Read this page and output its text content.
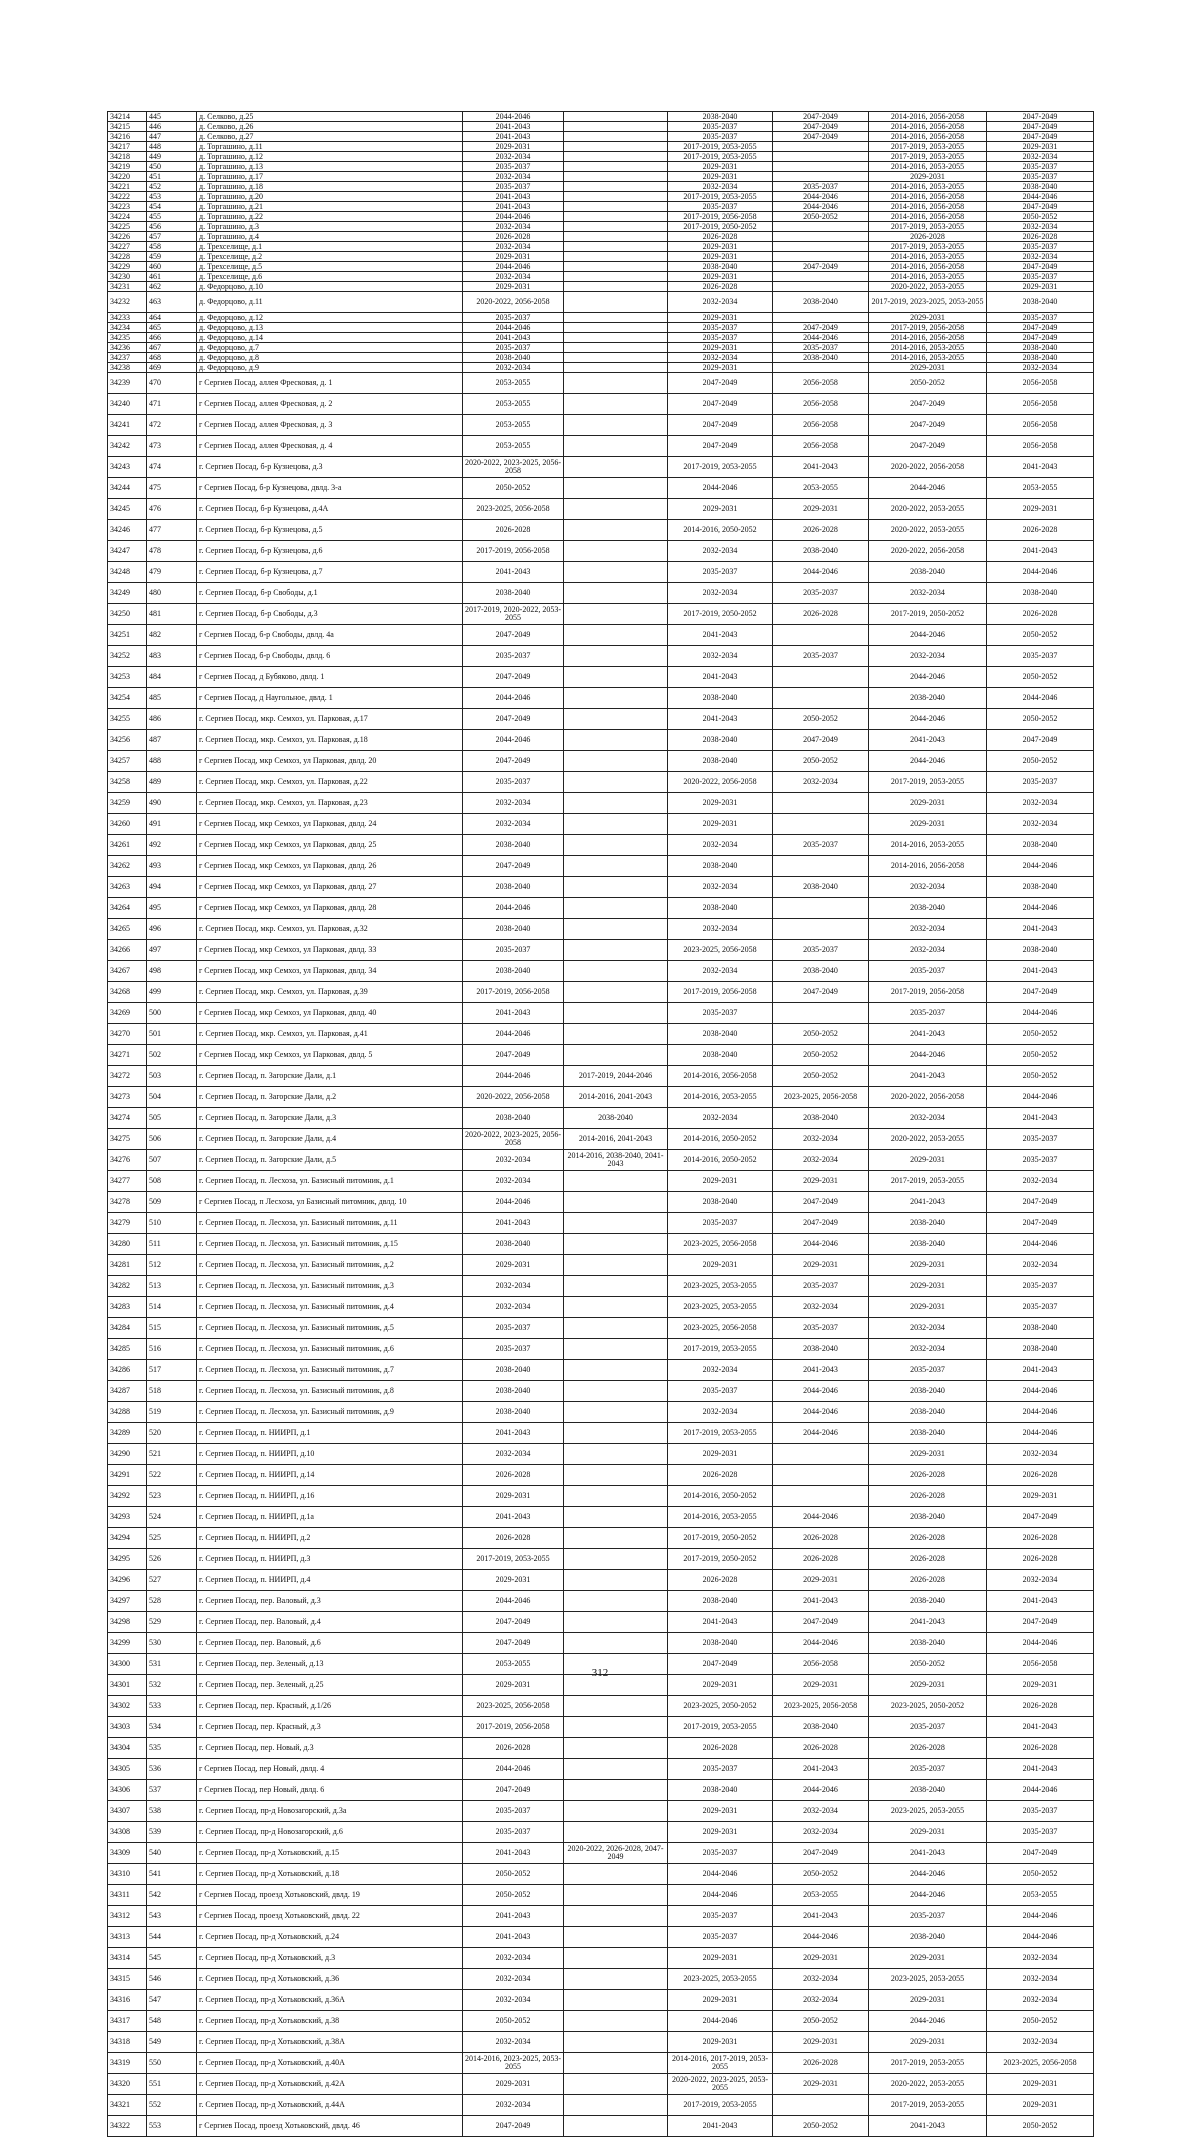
34214	445	д. Селково, д.25	2044-2046		2038-2040	2047-2049	2014-2016, 2056-2058	2047-2049
34215	446	д. Селково, д.26	2041-2043		2035-2037	2047-2049	2014-2016, 2056-2058	2047-2049
34216	447	д. Селково, д.27	2041-2043		2035-2037	2047-2049	2014-2016, 2056-2058	2047-2049
34217	448	д. Торгашино, д.11	2029-2031		2017-2019, 2053-2055		2017-2019, 2053-2055	2029-2031
34218	449	д. Торгашино, д.12	2032-2034		2017-2019, 2053-2055		2017-2019, 2053-2055	2032-2034
34219	450	д. Торгашино, д.13	2035-2037		2029-2031		2014-2016, 2053-2055	2035-2037
34220	451	д. Торгашино, д.17	2032-2034		2029-2031		2029-2031	2035-2037
34221	452	д. Торгашино, д.18	2035-2037		2032-2034	2035-2037	2014-2016, 2053-2055	2038-2040
34222	453	д. Торгашино, д.20	2041-2043		2017-2019, 2053-2055	2044-2046	2014-2016, 2056-2058	2044-2046
34223	454	д. Торгашино, д.21	2041-2043		2035-2037	2044-2046	2014-2016, 2056-2058	2047-2049
34224	455	д. Торгашино, д.22	2044-2046		2017-2019, 2056-2058	2050-2052	2014-2016, 2056-2058	2050-2052
34225	456	д. Торгашино, д.3	2032-2034		2017-2019, 2050-2052		2017-2019, 2053-2055	2032-2034
34226	457	д. Торгашино, д.4	2026-2028		2026-2028		2026-2028	2026-2028
34227	458	д. Трехселище, д.1	2032-2034		2029-2031		2017-2019, 2053-2055	2035-2037
34228	459	д. Трехселище, д.2	2029-2031		2029-2031		2014-2016, 2053-2055	2032-2034
34229	460	д. Трехселище, д.5	2044-2046		2038-2040	2047-2049	2014-2016, 2056-2058	2047-2049
34230	461	д. Трехселище, д.6	2032-2034		2029-2031		2014-2016, 2053-2055	2035-2037
34231	462	д. Федорцово, д.10	2029-2031		2026-2028		2020-2022, 2053-2055	2029-2031
34232	463	д. Федорцово, д.11	2020-2022, 2056-2058		2032-2034	2038-2040	2017-2019, 2023-2025, 2053-2055	2038-2040
34233	464	д. Федорцово, д.12	2035-2037		2029-2031		2029-2031	2035-2037
34234	465	д. Федорцово, д.13	2044-2046		2035-2037	2047-2049	2017-2019, 2056-2058	2047-2049
34235	466	д. Федорцово, д.14	2041-2043		2035-2037	2044-2046	2014-2016, 2056-2058	2047-2049
34236	467	д. Федорцово, д.7	2035-2037		2029-2031	2035-2037	2014-2016, 2053-2055	2038-2040
34237	468	д. Федорцово, д.8	2038-2040		2032-2034	2038-2040	2014-2016, 2053-2055	2038-2040
34238	469	д. Федорцово, д.9	2032-2034		2029-2031		2029-2031	2032-2034
34239	470	г Сергиев Посад, аллея Фресковая, д. 1	2053-2055		2047-2049	2056-2058	2050-2052	2056-2058
34240	471	г Сергиев Посад, аллея Фресковая, д. 2	2053-2055		2047-2049	2056-2058	2047-2049	2056-2058
34241	472	г Сергиев Посад, аллея Фресковая, д. 3	2053-2055		2047-2049	2056-2058	2047-2049	2056-2058
34242	473	г Сергиев Посад, аллея Фресковая, д. 4	2053-2055		2047-2049	2056-2058	2047-2049	2056-2058
34243	474	г. Сергиев Посад, б-р Кузнецова, д.3	2020-2022, 2023-2025, 2056-2058		2017-2019, 2053-2055	2041-2043	2020-2022, 2056-2058	2041-2043
34244	475	г Сергиев Посад, б-р Кузнецова, двлд. 3-а	2050-2052		2044-2046	2053-2055	2044-2046	2053-2055
34245	476	г. Сергиев Посад, б-р Кузнецова, д.4А	2023-2025, 2056-2058		2029-2031	2029-2031	2020-2022, 2053-2055	2029-2031
34246	477	г. Сергиев Посад, б-р Кузнецова, д.5	2026-2028		2014-2016, 2050-2052	2026-2028	2020-2022, 2053-2055	2026-2028
34247	478	г. Сергиев Посад, б-р Кузнецова, д.6	2017-2019, 2056-2058		2032-2034	2038-2040	2020-2022, 2056-2058	2041-2043
34248	479	г. Сергиев Посад, б-р Кузнецова, д.7	2041-2043		2035-2037	2044-2046	2038-2040	2044-2046
34249	480	г. Сергиев Посад, б-р Свободы, д.1	2038-2040		2032-2034	2035-2037	2032-2034	2038-2040
34250	481	г. Сергиев Посад, б-р Свободы, д.3	2017-2019, 2020-2022, 2053-2055		2017-2019, 2050-2052	2026-2028	2017-2019, 2050-2052	2026-2028
34251	482	г Сергиев Посад, б-р Свободы, двлд. 4а	2047-2049		2041-2043		2044-2046	2050-2052
34252	483	г Сергиев Посад, б-р Свободы, двлд. 6	2035-2037		2032-2034	2035-2037	2032-2034	2035-2037
34253	484	г Сергиев Посад, д Бубяково, двлд. 1	2047-2049		2041-2043		2044-2046	2050-2052
34254	485	г Сергиев Посад, д Наугольное, двлд. 1	2044-2046		2038-2040		2038-2040	2044-2046
34255	486	г. Сергиев Посад, мкр. Семхоз, ул. Парковая, д.17	2047-2049		2041-2043	2050-2052	2044-2046	2050-2052
34256	487	г. Сергиев Посад, мкр. Семхоз, ул. Парковая, д.18	2044-2046		2038-2040	2047-2049	2041-2043	2047-2049
34257	488	г Сергиев Посад, мкр Семхоз, ул Парковая, двлд. 20	2047-2049		2038-2040	2050-2052	2044-2046	2050-2052
34258	489	г. Сергиев Посад, мкр. Семхоз, ул. Парковая, д.22	2035-2037		2020-2022, 2056-2058	2032-2034	2017-2019, 2053-2055	2035-2037
34259	490	г. Сергиев Посад, мкр. Семхоз, ул. Парковая, д.23	2032-2034		2029-2031		2029-2031	2032-2034
34260	491	г Сергиев Посад, мкр Семхоз, ул Парковая, двлд. 24	2032-2034		2029-2031		2029-2031	2032-2034
34261	492	г Сергиев Посад, мкр Семхоз, ул Парковая, двлд. 25	2038-2040		2032-2034	2035-2037	2014-2016, 2053-2055	2038-2040
34262	493	г Сергиев Посад, мкр Семхоз, ул Парковая, двлд. 26	2047-2049		2038-2040		2014-2016, 2056-2058	2044-2046
34263	494	г Сергиев Посад, мкр Семхоз, ул Парковая, двлд. 27	2038-2040		2032-2034	2038-2040	2032-2034	2038-2040
34264	495	г Сергиев Посад, мкр Семхоз, ул Парковая, двлд. 28	2044-2046		2038-2040		2038-2040	2044-2046
34265	496	г. Сергиев Посад, мкр. Семхоз, ул. Парковая, д.32	2038-2040		2032-2034		2032-2034	2041-2043
34266	497	г Сергиев Посад, мкр Семхоз, ул Парковая, двлд. 33	2035-2037		2023-2025, 2056-2058	2035-2037	2032-2034	2038-2040
34267	498	г Сергиев Посад, мкр Семхоз, ул Парковая, двлд. 34	2038-2040		2032-2034	2038-2040	2035-2037	2041-2043
34268	499	г. Сергиев Посад, мкр. Семхоз, ул. Парковая, д.39	2017-2019, 2056-2058		2017-2019, 2056-2058	2047-2049	2017-2019, 2056-2058	2047-2049
34269	500	г Сергиев Посад, мкр Семхоз, ул Парковая, двлд. 40	2041-2043		2035-2037		2035-2037	2044-2046
34270	501	г. Сергиев Посад, мкр. Семхоз, ул. Парковая, д.41	2044-2046		2038-2040	2050-2052	2041-2043	2050-2052
34271	502	г Сергиев Посад, мкр Семхоз, ул Парковая, двлд. 5	2047-2049		2038-2040	2050-2052	2044-2046	2050-2052
34272	503	г. Сергиев Посад, п. Загорские Дали, д.1	2044-2046	2017-2019, 2044-2046	2014-2016, 2056-2058	2050-2052	2041-2043	2050-2052
34273	504	г. Сергиев Посад, п. Загорские Дали, д.2	2020-2022, 2056-2058	2014-2016, 2041-2043	2014-2016, 2053-2055	2023-2025, 2056-2058	2020-2022, 2056-2058	2044-2046
34274	505	г. Сергиев Посад, п. Загорские Дали, д.3	2038-2040	2038-2040	2032-2034	2038-2040	2032-2034	2041-2043
34275	506	г. Сергиев Посад, п. Загорские Дали, д.4	2020-2022, 2023-2025, 2056-2058	2014-2016, 2041-2043	2014-2016, 2050-2052	2032-2034	2020-2022, 2053-2055	2035-2037
34276	507	г. Сергиев Посад, п. Загорские Дали, д.5	2032-2034	2014-2016, 2038-2040, 2041-2043	2014-2016, 2050-2052	2032-2034	2029-2031	2035-2037
34277	508	г. Сергиев Посад, п. Лесхоза, ул. Базисный питомник, д.1	2032-2034		2029-2031	2029-2031	2017-2019, 2053-2055	2032-2034
34278	509	г Сергиев Посад, п Лесхоза, ул Базисный питомник, двлд. 10	2044-2046		2038-2040	2047-2049	2041-2043	2047-2049
34279	510	г. Сергиев Посад, п. Лесхоза, ул. Базисный питомник, д.11	2041-2043		2035-2037	2047-2049	2038-2040	2047-2049
34280	511	г. Сергиев Посад, п. Лесхоза, ул. Базисный питомник, д.15	2038-2040		2023-2025, 2056-2058	2044-2046	2038-2040	2044-2046
34281	512	г. Сергиев Посад, п. Лесхоза, ул. Базисный питомник, д.2	2029-2031		2029-2031	2029-2031	2029-2031	2032-2034
34282	513	г. Сергиев Посад, п. Лесхоза, ул. Базисный питомник, д.3	2032-2034		2023-2025, 2053-2055	2035-2037	2029-2031	2035-2037
34283	514	г. Сергиев Посад, п. Лесхоза, ул. Базисный питомник, д.4	2032-2034		2023-2025, 2053-2055	2032-2034	2029-2031	2035-2037
34284	515	г. Сергиев Посад, п. Лесхоза, ул. Базисный питомник, д.5	2035-2037		2023-2025, 2056-2058	2035-2037	2032-2034	2038-2040
34285	516	г. Сергиев Посад, п. Лесхоза, ул. Базисный питомник, д.6	2035-2037		2017-2019, 2053-2055	2038-2040	2032-2034	2038-2040
34286	517	г. Сергиев Посад, п. Лесхоза, ул. Базисный питомник, д.7	2038-2040		2032-2034	2041-2043	2035-2037	2041-2043
34287	518	г. Сергиев Посад, п. Лесхоза, ул. Базисный питомник, д.8	2038-2040		2035-2037	2044-2046	2038-2040	2044-2046
34288	519	г. Сергиев Посад, п. Лесхоза, ул. Базисный питомник, д.9	2038-2040		2032-2034	2044-2046	2038-2040	2044-2046
34289	520	г. Сергиев Посад, п. НИИРП, д.1	2041-2043		2017-2019, 2053-2055	2044-2046	2038-2040	2044-2046
34290	521	г. Сергиев Посад, п. НИИРП, д.10	2032-2034		2029-2031		2029-2031	2032-2034
34291	522	г. Сергиев Посад, п. НИИРП, д.14	2026-2028		2026-2028		2026-2028	2026-2028
34292	523	г. Сергиев Посад, п. НИИРП, д.16	2029-2031		2014-2016, 2050-2052		2026-2028	2029-2031
34293	524	г. Сергиев Посад, п. НИИРП, д.1а	2041-2043		2014-2016, 2053-2055	2044-2046	2038-2040	2047-2049
34294	525	г. Сергиев Посад, п. НИИРП, д.2	2026-2028		2017-2019, 2050-2052	2026-2028	2026-2028	2026-2028
34295	526	г. Сергиев Посад, п. НИИРП, д.3	2017-2019, 2053-2055		2017-2019, 2050-2052	2026-2028	2026-2028	2026-2028
34296	527	г. Сергиев Посад, п. НИИРП, д.4	2029-2031		2026-2028	2029-2031	2026-2028	2032-2034
34297	528	г. Сергиев Посад, пер. Валовый, д.3	2044-2046		2038-2040	2041-2043	2038-2040	2041-2043
34298	529	г. Сергиев Посад, пер. Валовый, д.4	2047-2049		2041-2043	2047-2049	2041-2043	2047-2049
34299	530	г. Сергиев Посад, пер. Валовый, д.6	2047-2049		2038-2040	2044-2046	2038-2040	2044-2046
34300	531	г. Сергиев Посад, пер. Зеленый, д.13	2053-2055		2047-2049	2056-2058	2050-2052	2056-2058
34301	532	г. Сергиев Посад, пер. Зеленый, д.25	2029-2031		2029-2031	2029-2031	2029-2031	2029-2031
34302	533	г. Сергиев Посад, пер. Красный, д.1/26	2023-2025, 2056-2058		2023-2025, 2050-2052	2023-2025, 2056-2058	2023-2025, 2050-2052	2026-2028
34303	534	г. Сергиев Посад, пер. Красный, д.3	2017-2019, 2056-2058		2017-2019, 2053-2055	2038-2040	2035-2037	2041-2043
34304	535	г. Сергиев Посад, пер. Новый, д.3	2026-2028		2026-2028	2026-2028	2026-2028	2026-2028
34305	536	г Сергиев Посад, пер Новый, двлд. 4	2044-2046		2035-2037	2041-2043	2035-2037	2041-2043
34306	537	г Сергиев Посад, пер Новый, двлд. 6	2047-2049		2038-2040	2044-2046	2038-2040	2044-2046
34307	538	г. Сергиев Посад, пр-д Новозагорский, д.3а	2035-2037		2029-2031	2032-2034	2023-2025, 2053-2055	2035-2037
34308	539	г. Сергиев Посад, пр-д Новозагорский, д.6	2035-2037		2029-2031	2032-2034	2029-2031	2035-2037
34309	540	г. Сергиев Посад, пр-д Хотьковский, д.15	2041-2043	2020-2022, 2026-2028, 2047-2049	2035-2037	2047-2049	2041-2043	2047-2049
34310	541	г. Сергиев Посад, пр-д Хотьковский, д.18	2050-2052		2044-2046	2050-2052	2044-2046	2050-2052
34311	542	г Сергиев Посад, проезд Хотьковский, двлд. 19	2050-2052		2044-2046	2053-2055	2044-2046	2053-2055
34312	543	г Сергиев Посад, проезд Хотьковский, двлд. 22	2041-2043		2035-2037	2041-2043	2035-2037	2044-2046
34313	544	г. Сергиев Посад, пр-д Хотьковский, д.24	2041-2043		2035-2037	2044-2046	2038-2040	2044-2046
34314	545	г. Сергиев Посад, пр-д Хотьковский, д.3	2032-2034		2029-2031	2029-2031	2029-2031	2032-2034
34315	546	г. Сергиев Посад, пр-д Хотьковский, д.36	2032-2034		2023-2025, 2053-2055	2032-2034	2023-2025, 2053-2055	2032-2034
34316	547	г. Сергиев Посад, пр-д Хотьковский, д.36А	2032-2034		2029-2031	2032-2034	2029-2031	2032-2034
34317	548	г. Сергиев Посад, пр-д Хотьковский, д.38	2050-2052		2044-2046	2050-2052	2044-2046	2050-2052
34318	549	г. Сергиев Посад, пр-д Хотьковский, д.38А	2032-2034		2029-2031	2029-2031	2029-2031	2032-2034
34319	550	г. Сергиев Посад, пр-д Хотьковский, д.40А	2014-2016, 2023-2025, 2053-2055		2014-2016, 2017-2019, 2053-2055	2026-2028	2017-2019, 2053-2055	2023-2025, 2056-2058
34320	551	г. Сергиев Посад, пр-д Хотьковский, д.42А	2029-2031		2020-2022, 2023-2025, 2053-2055	2029-2031	2020-2022, 2053-2055	2029-2031
34321	552	г. Сергиев Посад, пр-д Хотьковский, д.44А	2032-2034		2017-2019, 2053-2055		2017-2019, 2053-2055	2029-2031
34322	553	г Сергиев Посад, проезд Хотьковский, двлд. 46	2047-2049		2041-2043	2050-2052	2041-2043	2050-2052
312
